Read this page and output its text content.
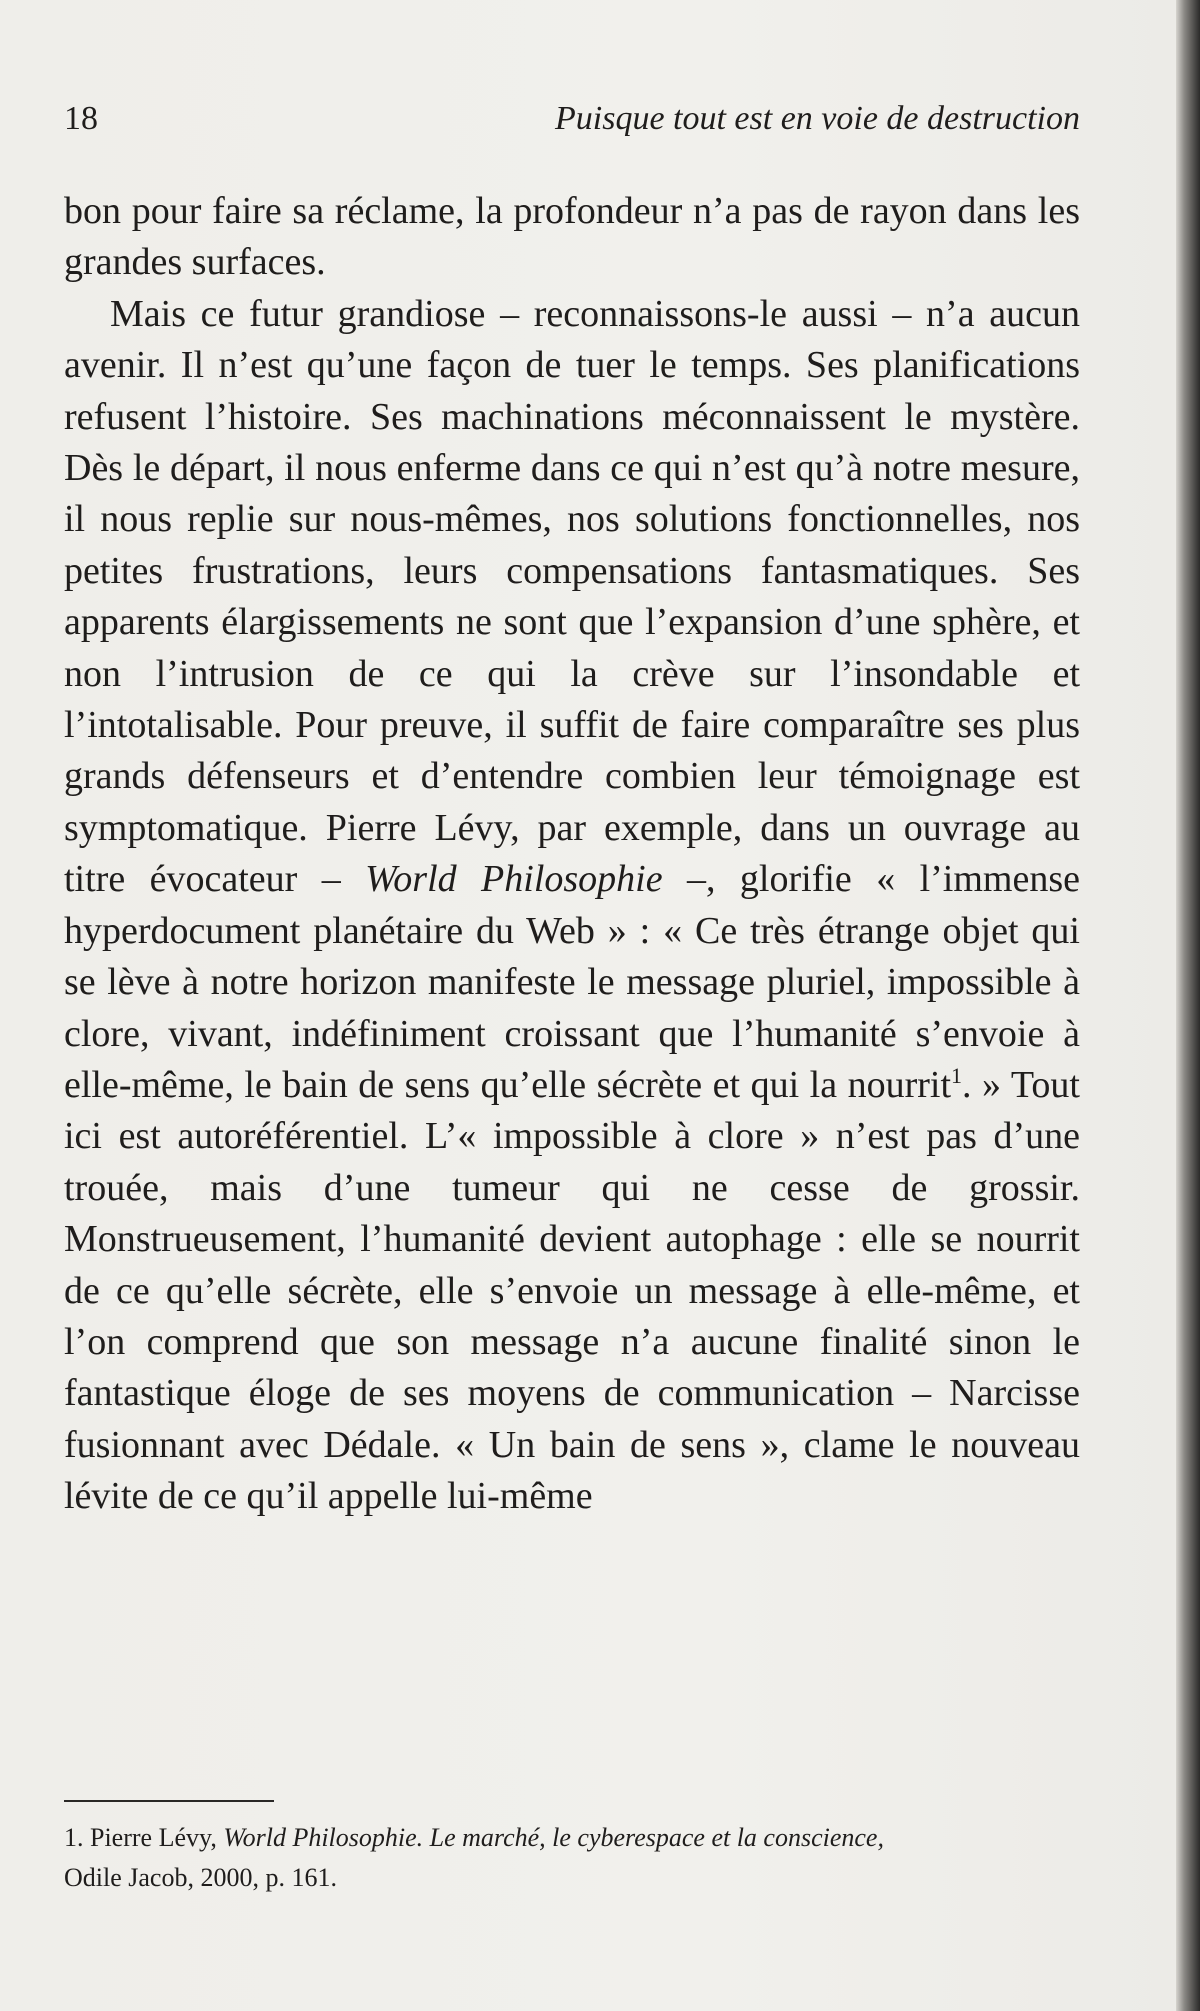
18	Puisque tout est en voie de destruction

bon pour faire sa réclame, la profondeur n’a pas de rayon dans les grandes surfaces.

Mais ce futur grandiose – reconnaissons-le aussi – n’a aucun avenir. Il n’est qu’une façon de tuer le temps. Ses planifications refusent l’histoire. Ses machinations méconnaissent le mystère. Dès le départ, il nous enferme dans ce qui n’est qu’à notre mesure, il nous replie sur nous-mêmes, nos solutions fonctionnelles, nos petites frustrations, leurs compensations fantasmatiques. Ses apparents élargissements ne sont que l’expansion d’une sphère, et non l’intrusion de ce qui la crève sur l’insondable et l’intotalisable. Pour preuve, il suffit de faire comparaître ses plus grands défenseurs et d’entendre combien leur témoignage est symptomatique. Pierre Lévy, par exemple, dans un ouvrage au titre évocateur – World Philosophie –, glorifie « l’immense hyperdocument planétaire du Web » : « Ce très étrange objet qui se lève à notre horizon manifeste le message pluriel, impossible à clore, vivant, indéfiniment croissant que l’humanité s’envoie à elle-même, le bain de sens qu’elle sécrète et qui la nourrit$^1$. » Tout ici est autoréférentiel. L’« impossible à clore » n’est pas d’une trouée, mais d’une tumeur qui ne cesse de grossir. Monstrueusement, l’humanité devient autophage : elle se nourrit de ce qu’elle sécrète, elle s’envoie un message à elle-même, et l’on comprend que son message n’a aucune finalité sinon le fantastique éloge de ses moyens de communication – Narcisse fusionnant avec Dédale. « Un bain de sens », clame le nouveau lévite de ce qu’il appelle lui-même

1. Pierre Lévy, World Philosophie. Le marché, le cyberespace et la conscience,
Odile Jacob, 2000, p. 161.
